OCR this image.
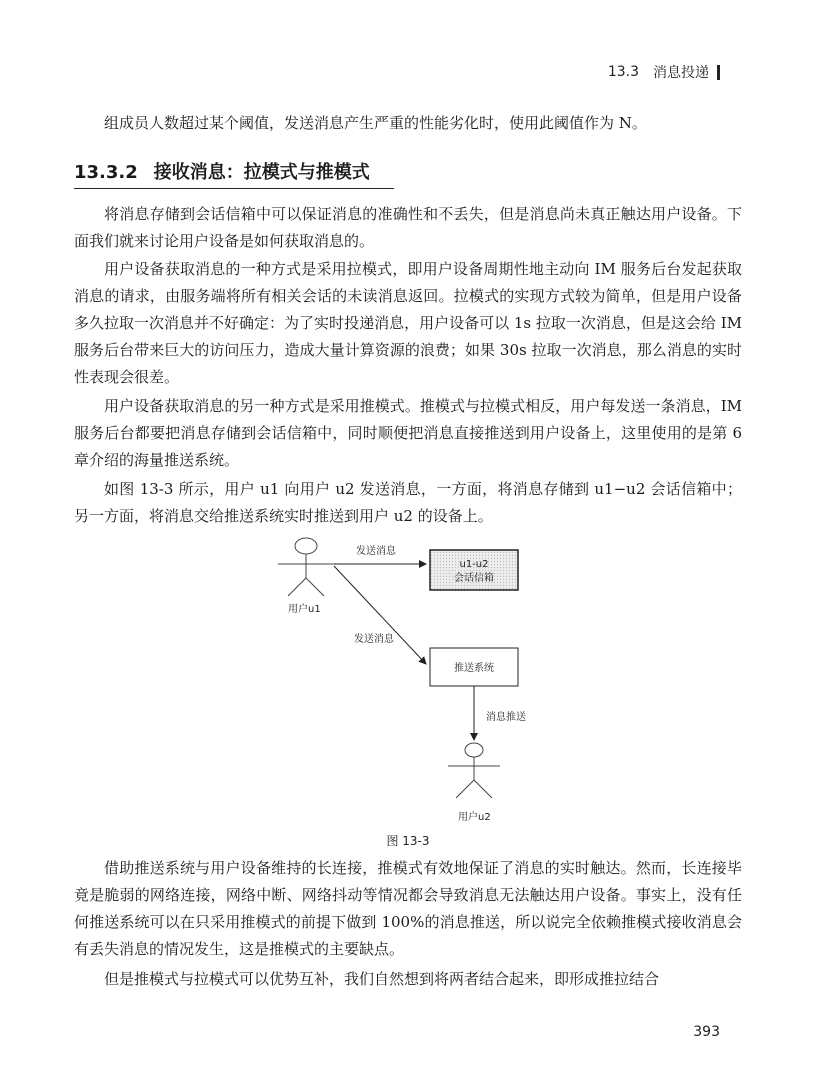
13.3 消息投递

组成员人数超过某个阈值，发送消息产生严重的性能劣化时，使用此阈值作为 N。

13.3.2 接收消息：拉模式与推模式

将消息存储到会话信箱中可以保证消息的准确性和不丢失，但是消息尚未真正触达用户设备。下面我们就来讨论用户设备是如何获取消息的。

用户设备获取消息的一种方式是采用拉模式，即用户设备周期性地主动向 IM 服务后台发起获取消息的请求，由服务端将所有相关会话的未读消息返回。拉模式的实现方式较为简单，但是用户设备多久拉取一次消息并不好确定：为了实时投递消息，用户设备可以 1s 拉取一次消息，但是这会给 IM 服务后台带来巨大的访问压力，造成大量计算资源的浪费；如果 30s 拉取一次消息，那么消息的实时性表现会很差。

用户设备获取消息的另一种方式是采用推模式。推模式与拉模式相反，用户每发送一条消息，IM 服务后台都要把消息存储到会话信箱中，同时顺便把消息直接推送到用户设备上，这里使用的是第 6 章介绍的海量推送系统。

如图 13-3 所示，用户 u1 向用户 u2 发送消息，一方面，将消息存储到 u1−u2 会话信箱中；另一方面，将消息交给推送系统实时推送到用户 u2 的设备上。

用户u1
发送消息
u1-u2
会话信箱
发送消息
推送系统
消息推送
用户u2
图 13-3

借助推送系统与用户设备维持的长连接，推模式有效地保证了消息的实时触达。然而，长连接毕竟是脆弱的网络连接，网络中断、网络抖动等情况都会导致消息无法触达用户设备。事实上，没有任何推送系统可以在只采用推模式的前提下做到 100%的消息推送，所以说完全依赖推模式接收消息会有丢失消息的情况发生，这是推模式的主要缺点。

但是推模式与拉模式可以优势互补，我们自然想到将两者结合起来，即形成推拉结合

393
